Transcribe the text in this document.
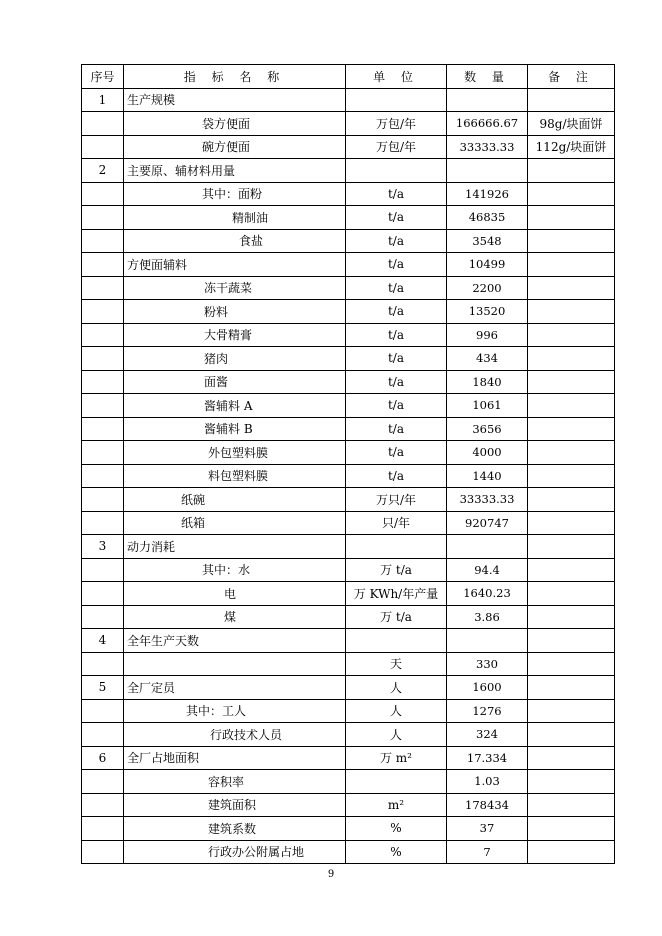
序号	指 标 名 称	单 位	数 量	备 注
1	生产规模			
	袋方便面	万包/年	166666.67	98g/块面饼
	碗方便面	万包/年	33333.33	112g/块面饼
2	主要原、辅材料用量			
	其中：面粉	t/a	141926	
	精制油	t/a	46835	
	食盐	t/a	3548	
	方便面辅料	t/a	10499	
	冻干蔬菜	t/a	2200	
	粉料	t/a	13520	
	大骨精膏	t/a	996	
	猪肉	t/a	434	
	面酱	t/a	1840	
	酱辅料 A	t/a	1061	
	酱辅料 B	t/a	3656	
	外包塑料膜	t/a	4000	
	料包塑料膜	t/a	1440	
	纸碗	万只/年	33333.33	
	纸箱	只/年	920747	
3	动力消耗			
	其中：水	万 t/a	94.4	
	电	万 KWh/年产量	1640.23	
	煤	万 t/a	3.86	
4	全年生产天数			
		天	330	
5	全厂定员	人	1600	
	其中：工人	人	1276	
	行政技术人员	人	324	
6	全厂占地面积	万 m²	17.334	
	容积率		1.03	
	建筑面积	m²	178434	
	建筑系数	%	37	
	行政办公附属占地	%	7	
9
